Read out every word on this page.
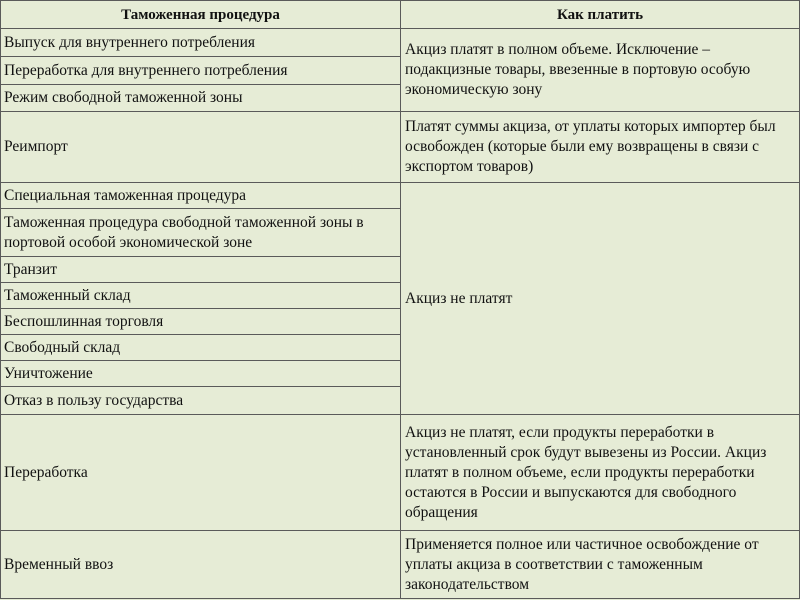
Таможенная процедура	Как платить
Выпуск для внутреннего потребления	Акциз платят в полном объеме. Исключение – подакцизные товары, ввезенные в портовую особую экономическую зону
Переработка для внутреннего потребления	
Режим свободной таможенной зоны	
Реимпорт	Платят суммы акциза, от уплаты которых импортер был освобожден (которые были ему возвращены в связи с экспортом товаров)
Специальная таможенная процедура	Акциз не платят
Таможенная процедура свободной таможенной зоны в портовой особой экономической зоне	
Транзит	
Таможенный склад	
Беспошлинная торговля	
Свободный склад	
Уничтожение	
Отказ в пользу государства	
Переработка	Акциз не платят, если продукты переработки в установленный срок будут вывезены из России. Акциз платят в полном объеме, если продукты переработки остаются в России и выпускаются для свободного обращения
Временный ввоз	Применяется полное или частичное освобождение от уплаты акциза в соответствии с таможенным законодательством
